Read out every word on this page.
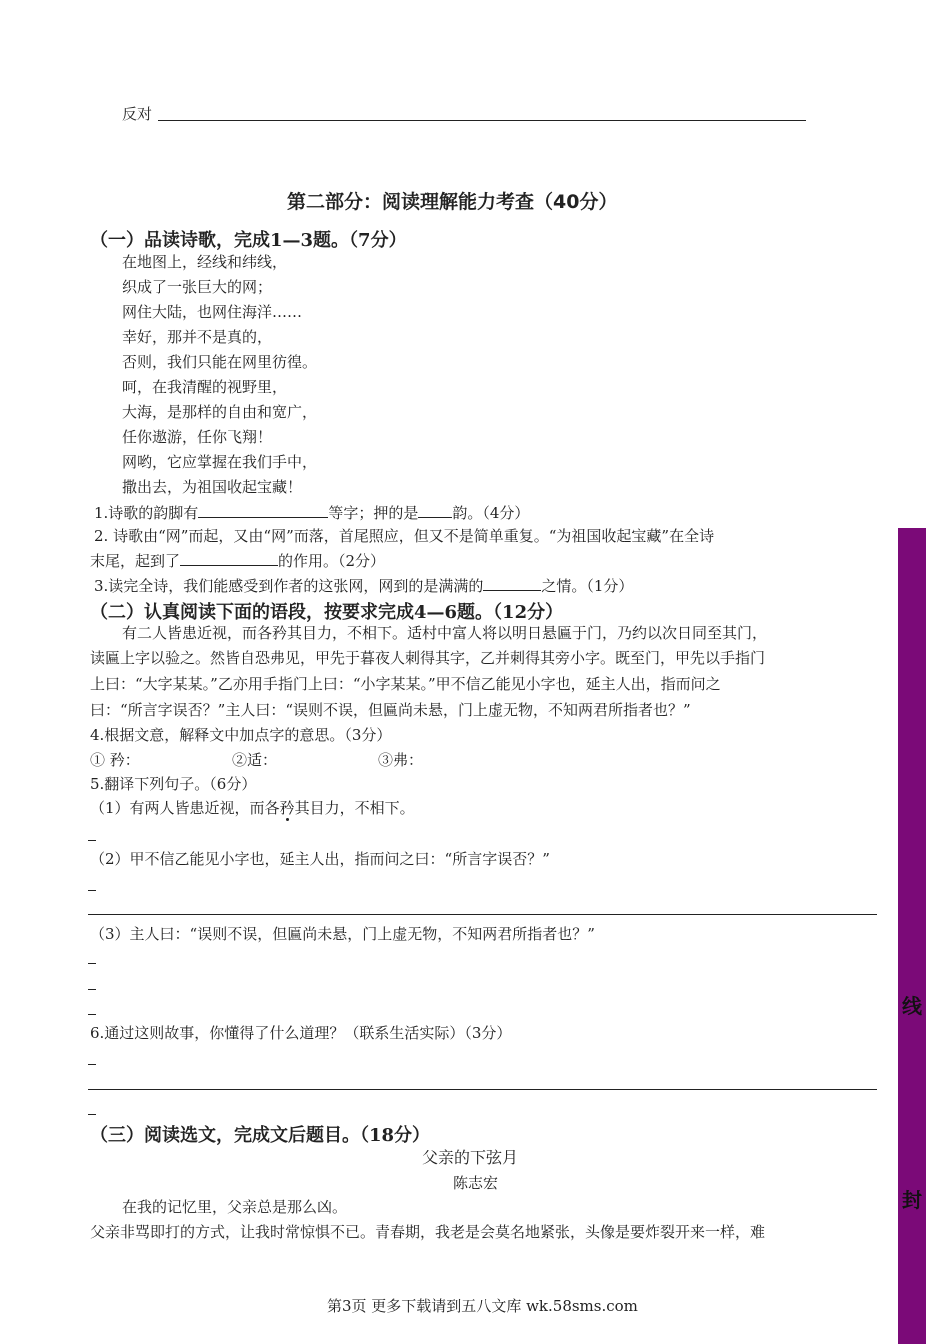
反对
第二部分：阅读理解能力考查（40分）
（一）品读诗歌，完成1—3题。（7分）
在地图上，经线和纬线，
织成了一张巨大的网；
网住大陆，也网住海洋……
幸好，那并不是真的，
否则，我们只能在网里彷徨。
呵，在我清醒的视野里，
大海，是那样的自由和宽广，
任你遨游，任你飞翔！
网哟，它应掌握在我们手中，
撒出去，为祖国收起宝藏！
1.诗歌的韵脚有	等字；押的是 韵。（4分）
2. 诗歌由“网”而起，又由“网”而落，首尾照应，但又不是简单重复。“为祖国收起宝藏”在全诗
末尾，起到了	的作用。（2分）
3.读完全诗，我们能感受到作者的这张网，网到的是满满的	之情。（1分）
（二）认真阅读下面的语段，按要求完成4—6题。（12分）
有二人皆患近视，而各矜其目力，不相下。适村中富人将以明日悬匾于门，乃约以次日同至其门，
读匾上字以验之。然皆自恐弗见，甲先于暮夜人刺得其字，乙并刺得其旁小字。既至门，甲先以手指门
上曰：“大字某某。”乙亦用手指门上曰：“小字某某。”甲不信乙能见小字也，延主人出，指而问之
曰：“所言字误否？”主人曰：“误则不误，但匾尚未悬，门上虚无物，不知两君所指者也？”
4.根据文意，解释文中加点字的意思。（3分）
① 矜：	②适：	③弗：
5.翻译下列句子。（6分）
（1）有两人皆患近视，而各矜其目力，不相下。
（2）甲不信乙能见小字也，延主人出，指而问之曰：“所言字误否？”
（3）主人曰：“误则不误，但匾尚未悬，门上虚无物，不知两君所指者也？”
6.通过这则故事，你懂得了什么道理？（联系生活实际）（3分）
（三）阅读选文，完成文后题目。（18分）
父亲的下弦月
陈志宏
在我的记忆里，父亲总是那么凶。
父亲非骂即打的方式，让我时常惊惧不已。青春期，我老是会莫名地紧张，头像是要炸裂开来一样，难
第3页 更多下载请到五八文库 wk.58sms.com
线
封
